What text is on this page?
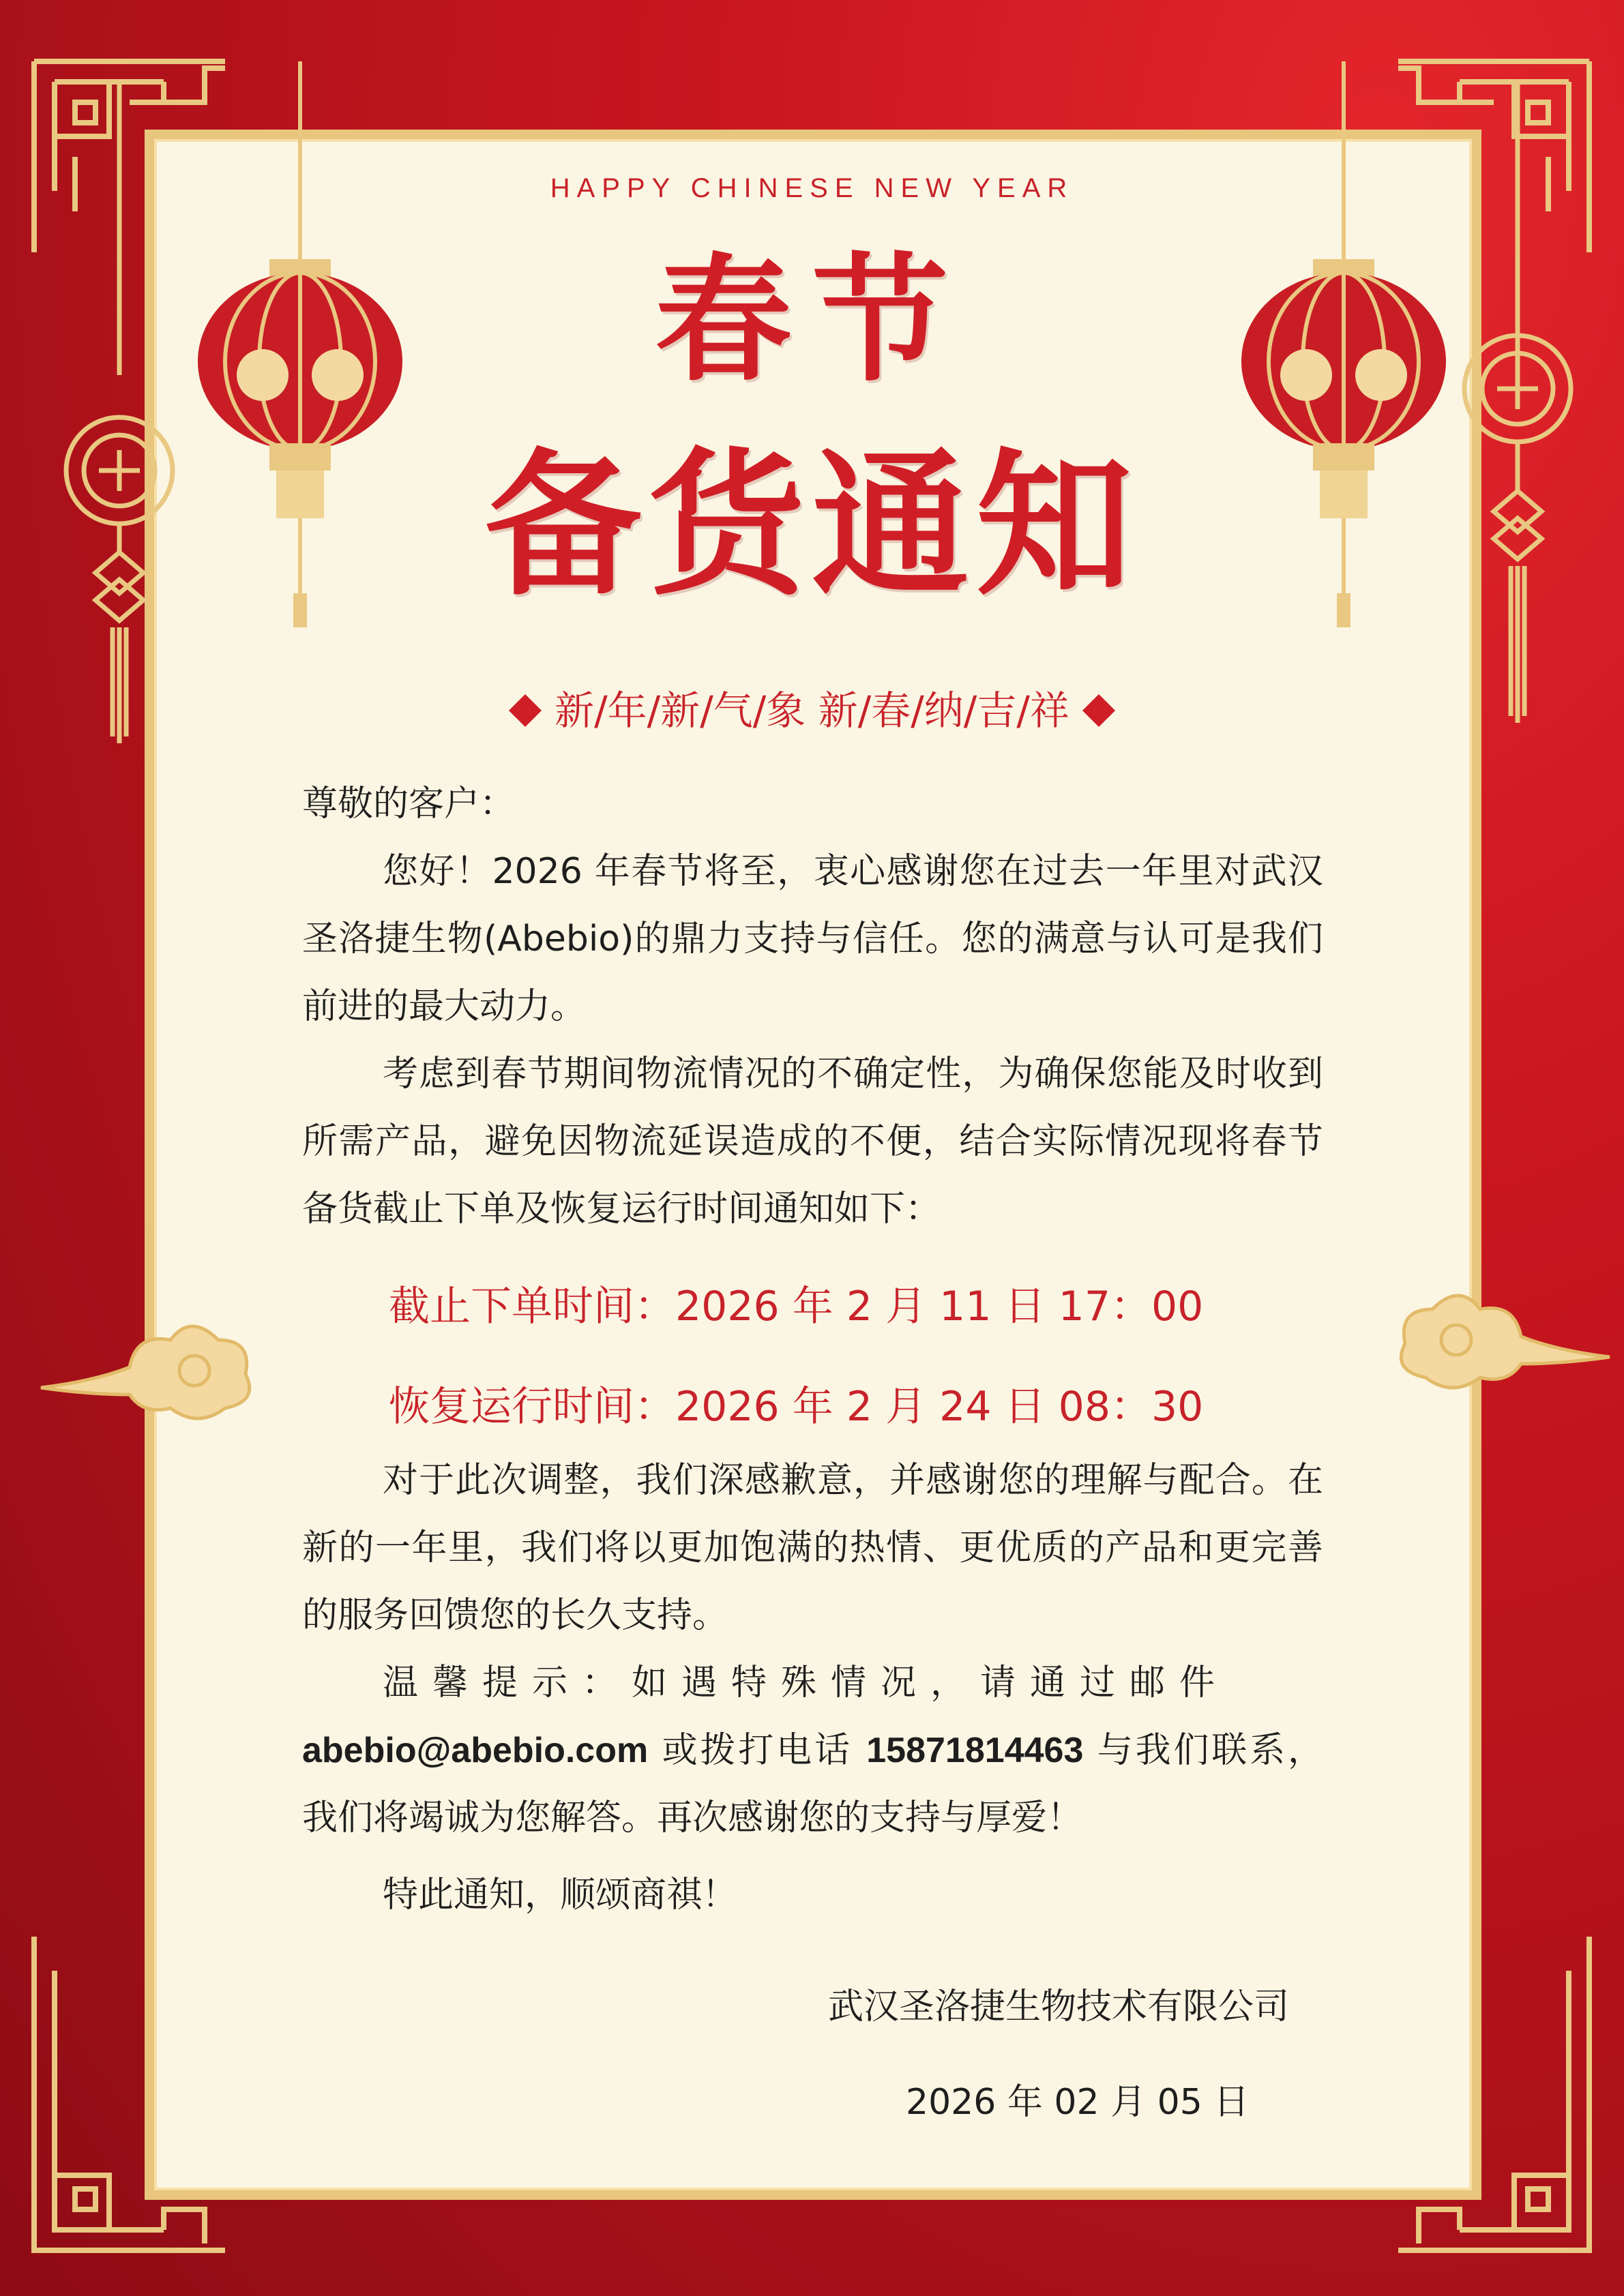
HAPPY CHINESE NEW YEAR
春节
备货通知
新/年/新/气/象 新/春/纳/吉/祥

尊敬的客户：

您好！2026 年春节将至，衷心感谢您在过去一年里对武汉圣洛捷生物(Abebio)的鼎力支持与信任。您的满意与认可是我们前进的最大动力。

考虑到春节期间物流情况的不确定性，为确保您能及时收到所需产品，避免因物流延误造成的不便，结合实际情况现将春节备货截止下单及恢复运行时间通知如下：

截止下单时间：2026 年 2 月 11 日 17：00
恢复运行时间：2026 年 2 月 24 日 08：30

对于此次调整，我们深感歉意，并感谢您的理解与配合。在新的一年里，我们将以更加饱满的热情、更优质的产品和更完善的服务回馈您的长久支持。

温馨提示：如遇特殊情况，请通过邮件
abebio@abebio.com 或拨打电话 15871814463 与我们联系，我们将竭诚为您解答。再次感谢您的支持与厚爱！

特此通知，顺颂商祺！

武汉圣洛捷生物技术有限公司
2026 年 02 月 05 日
